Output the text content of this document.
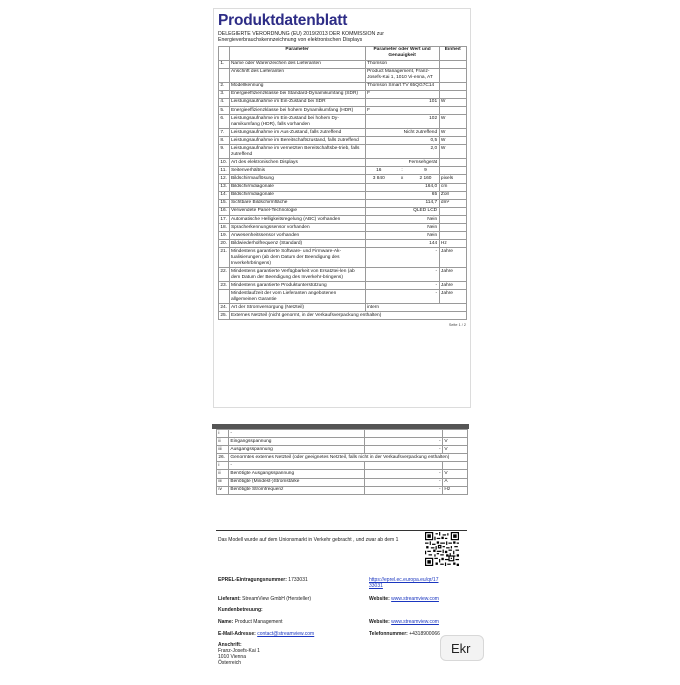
Produktdatenblatt
DELEGIERTE VERORDNUNG (EU) 2019/2013 DER KOMMISSION zur
Energieverbrauchskennzeichnung von elektronischen Displays
	Parameter	Parameter oder Wert und Genauigkeit	Einheit
1.	Name oder Warenzeichen des Lieferanten	Thomson	
	Anschrift des Lieferanten	Product Management, Franz-Josefs-Kai 1, 1010 Vi-enna, AT	
2.	Modellkennung	Thomson Smart TV 65QG7C14	
3.	Energieeffizienzklasse bei Standard-Dynamikumfang (SDR)	F	
4.	Leistungsaufnahme im Ein-Zustand bei SDR	101	W
5.	Energieeffizienzklasse bei hohem Dynamikumfang (HDR)	F	
6.	Leistungsaufnahme im Ein-Zustand bei hohem Dy-namikumfang (HDR), falls vorhanden	102	W
7.	Leistungsaufnahme im Aus-Zustand, falls zutreffend	Nicht zutreffend	W
8.	Leistungsaufnahme im Bereitschaftszustand, falls zutreffend	0,5	W
9.	Leistungsaufnahme im vernetzten Bereitschaftsbe-trieb, falls zutreffend	2,0	W
10.	Art des elektronischen Displays	Fernsehgerät	
11.	Seitenverhältnis	16 : 9	

12.	Bildschirmauflösung	3 840 x 2 160	pixels
13.	Bildschirmdiagonale	164,0	cm
14.	Bildschirmdiagonale	65	Zoll
15.	Sichtbare Bildschirmfläche	114,7	dm²
16.	Verwendete Panel-Technologie	QLED LCD	
17.	Automatische Helligkeitsregelung (ABC) vorhanden	Nein	
18.	Spracherkennungssensor vorhanden	Nein	
19.	Anwesenheitssensor vorhanden	Nein	
20.	Bildwiederholfrequenz (Standard)	144	Hz
21.	Mindestens garantierte Software- und Firmware-Ak-tualisierungen (ab dem Datum der Beendigung des Inverkehrbringens)	-	Jahre
22.	Mindestens garantierte Verfügbarkeit von Ersatztei-len (ab dem Datum der Beendigung des Inverkehr-bringens)	-	Jahre
23.	Mindestens garantierte Produktunterstützung	-	Jahre
	Mindestlaufzeit der vom Lieferanten angebotenen allgemeinen Garantie	-	Jahre
24.	Art der Stromversorgung (Netzteil)	intern	
25.	Externes Netzteil (nicht genormt, in der Verkaufsverpackung enthalten)		
Seite 1 / 2
i	-		
ii	Eingangsspannung	-	V
iii	Ausgangsspannung	-	V
26.	Genormtes externes Netzteil (oder geeignetes Netzteil, falls nicht in der Verkaufsverpackung enthalten)		
i	-		
ii	Benötigte Ausgangsspannung	-	V
iii	Benötigte (Mindest-)Stromstärke	-	A
iv	Benötigte Stromfrequenz	-	Hz
Das Modell wurde auf dem Unionsmarkt in Verkehr gebracht , und zwar ab dem 1
EPREL-Eintragungsnummer: 1733031	https://eprel.ec.europa.eu/qr/17
33031
Lieferant: StreamView GmbH (Hersteller)	Website: www.streamview.com
Kundenbetreuung:
Name: Product Management	Website: www.streamview.com
E-Mail-Adresse: contact@streamview.com	Telefonnummer: +4318900066
Anschrift:
Franz-Josefs-Kai 1
1010 Vienna
Österreich
Ekr
